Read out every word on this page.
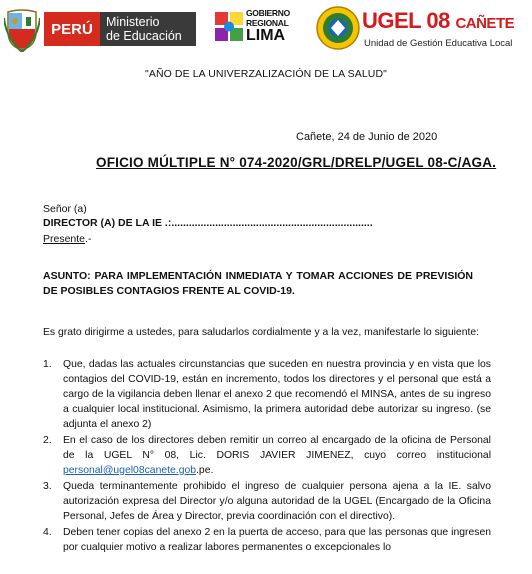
PERÚ Ministerio
de Educación
GOBIERNO
REGIONAL
LIMA
UGEL 08 CAÑETE
Unidad de Gestión Educativa Local
"AÑO DE LA UNIVERZALIZACIÓN DE LA SALUD"
Cañete, 24 de Junio de 2020
OFICIO MÚLTIPLE N° 074-2020/GRL/DRELP/UGEL 08-C/AGA.
Señor (a)
DIRECTOR (A) DE LA IE .:.....................................................................
Presente.-
ASUNTO: PARA IMPLEMENTACIÓN INMEDIATA Y TOMAR ACCIONES DE PREVISIÓN DE POSIBLES CONTAGIOS FRENTE AL COVID-19.
Es grato dirigirme a ustedes, para saludarlos cordialmente y a la vez, manifestarle lo siguiente:
1. Que, dadas las actuales circunstancias que suceden en nuestra provincia y en vista que los contagios del COVID-19, están en incremento, todos los directores y el personal que está a cargo de la vigilancia deben llenar el anexo 2 que recomendó el MINSA, antes de su ingreso a cualquier local institucional. Asimismo, la primera autoridad debe autorizar su ingreso. (se adjunta el anexo 2)
2. En el caso de los directores deben remitir un correo al encargado de la oficina de Personal de la UGEL N° 08, Lic. DORIS JAVIER JIMENEZ, cuyo correo institucional personal@ugel08canete.gob.pe.
3. Queda terminantemente prohibido el ingreso de cualquier persona ajena a la IE. salvo autorización expresa del Director y/o alguna autoridad de la UGEL (Encargado de la Oficina Personal, Jefes de Área y Director, previa coordinación con el directivo).
4. Deben tener copias del anexo 2 en la puerta de acceso, para que las personas que ingresen por cualquier motivo a realizar labores permanentes o excepcionales lo
